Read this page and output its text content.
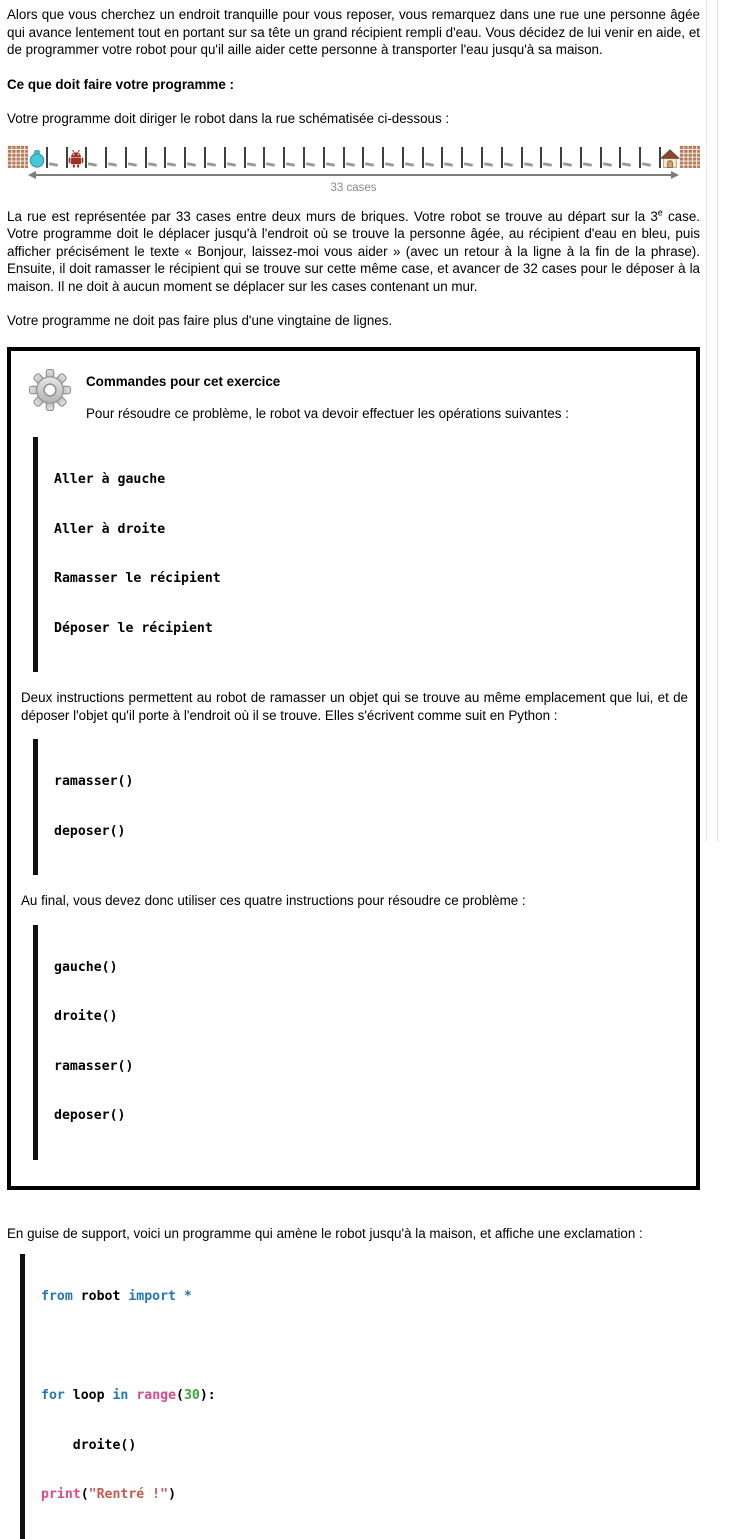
Alors que vous cherchez un endroit tranquille pour vous reposer, vous remarquez dans une rue une personne âgée qui avance lentement tout en portant sur sa tête un grand récipient rempli d'eau. Vous décidez de lui venir en aide, et de programmer votre robot pour qu'il aille aider cette personne à transporter l'eau jusqu'à sa maison.

Ce que doit faire votre programme :

Votre programme doit diriger le robot dans la rue schématisée ci-dessous :

33 cases

La rue est représentée par 33 cases entre deux murs de briques. Votre robot se trouve au départ sur la 3e case. Votre programme doit le déplacer jusqu'à l'endroit où se trouve la personne âgée, au récipient d'eau en bleu, puis afficher précisément le texte « Bonjour, laissez-moi vous aider » (avec un retour à la ligne à la fin de la phrase). Ensuite, il doit ramasser le récipient qui se trouve sur cette même case, et avancer de 32 cases pour le déposer à la maison. Il ne doit à aucun moment se déplacer sur les cases contenant un mur.

Votre programme ne doit pas faire plus d'une vingtaine de lignes.

Commandes pour cet exercice
Pour résoudre ce problème, le robot va devoir effectuer les opérations suivantes :

Aller à gauche

Aller à droite

Ramasser le récipient

Déposer le récipient

Deux instructions permettent au robot de ramasser un objet qui se trouve au même emplacement que lui, et de déposer l'objet qu'il porte à l'endroit où il se trouve. Elles s'écrivent comme suit en Python :

ramasser()

deposer()

Au final, vous devez donc utiliser ces quatre instructions pour résoudre ce problème :

gauche()

droite()

ramasser()

deposer()

En guise de support, voici un programme qui amène le robot jusqu'à la maison, et affiche une exclamation :

from robot import *

for loop in range(30):

droite()

print("Rentré !")
